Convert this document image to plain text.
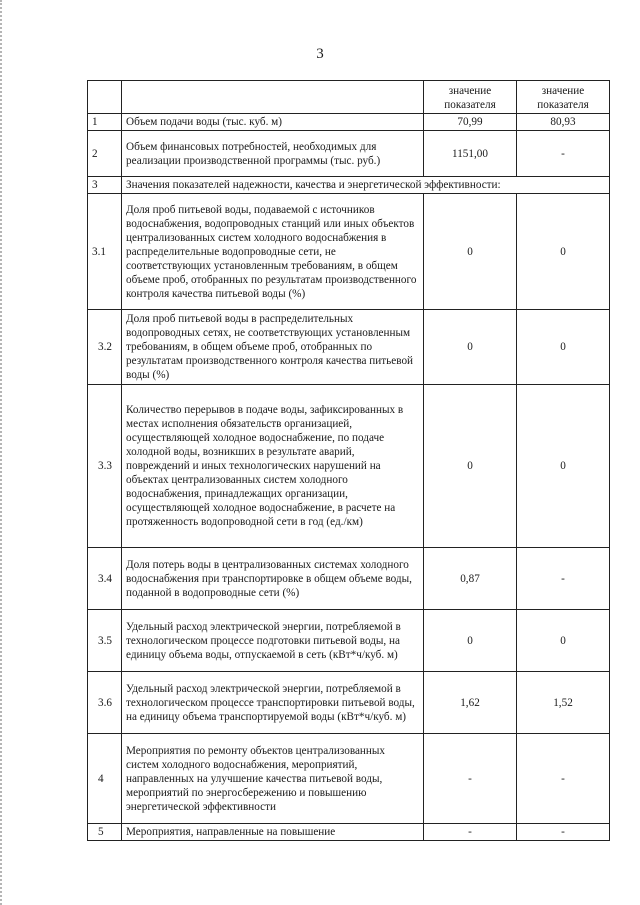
3
		значение показателя	значение показателя
1	Объем подачи воды (тыс. куб. м)	70,99	80,93
2	Объем финансовых потребностей, необходимых для реализации производственной программы (тыс. руб.)	1151,00	-
3	Значения показателей надежности, качества и энергетической эффективности:		
3.1	Доля проб питьевой воды, подаваемой с источников водоснабжения, водопроводных станций или иных объектов централизованных систем холодного водоснабжения в распределительные водопроводные сети, не соответствующих установленным требованиям, в общем объеме проб, отобранных по результатам производственного контроля качества питьевой воды (%)	0	0
3.2	Доля проб питьевой воды в распределительных водопроводных сетях, не соответствующих установленным требованиям, в общем объеме проб, отобранных по результатам производственного контроля качества питьевой воды (%)	0	0
3.3	Количество перерывов в подаче воды, зафиксированных в местах исполнения обязательств организацией, осуществляющей холодное водоснабжение, по подаче холодной воды, возникших в результате аварий, повреждений и иных технологических нарушений на объектах централизованных систем холодного водоснабжения, принадлежащих организации, осуществляющей холодное водоснабжение, в расчете на протяженность водопроводной сети в год (ед./км)	0	0
3.4	Доля потерь воды в централизованных системах холодного водоснабжения при транспортировке в общем объеме воды, поданной в водопроводные сети (%)	0,87	-
3.5	Удельный расход электрической энергии, потребляемой в технологическом процессе подготовки питьевой воды, на единицу объема воды, отпускаемой в сеть (кВт*ч/куб. м)	0	0
3.6	Удельный расход электрической энергии, потребляемой в технологическом процессе транспортировки питьевой воды, на единицу объема транспортируемой воды (кВт*ч/куб. м)	1,62	1,52
4	Мероприятия по ремонту объектов централизованных систем холодного водоснабжения, мероприятий, направленных на улучшение качества питьевой воды, мероприятий по энергосбережению и повышению энергетической эффективности	-	-
5	Мероприятия, направленные на повышение	-	-
